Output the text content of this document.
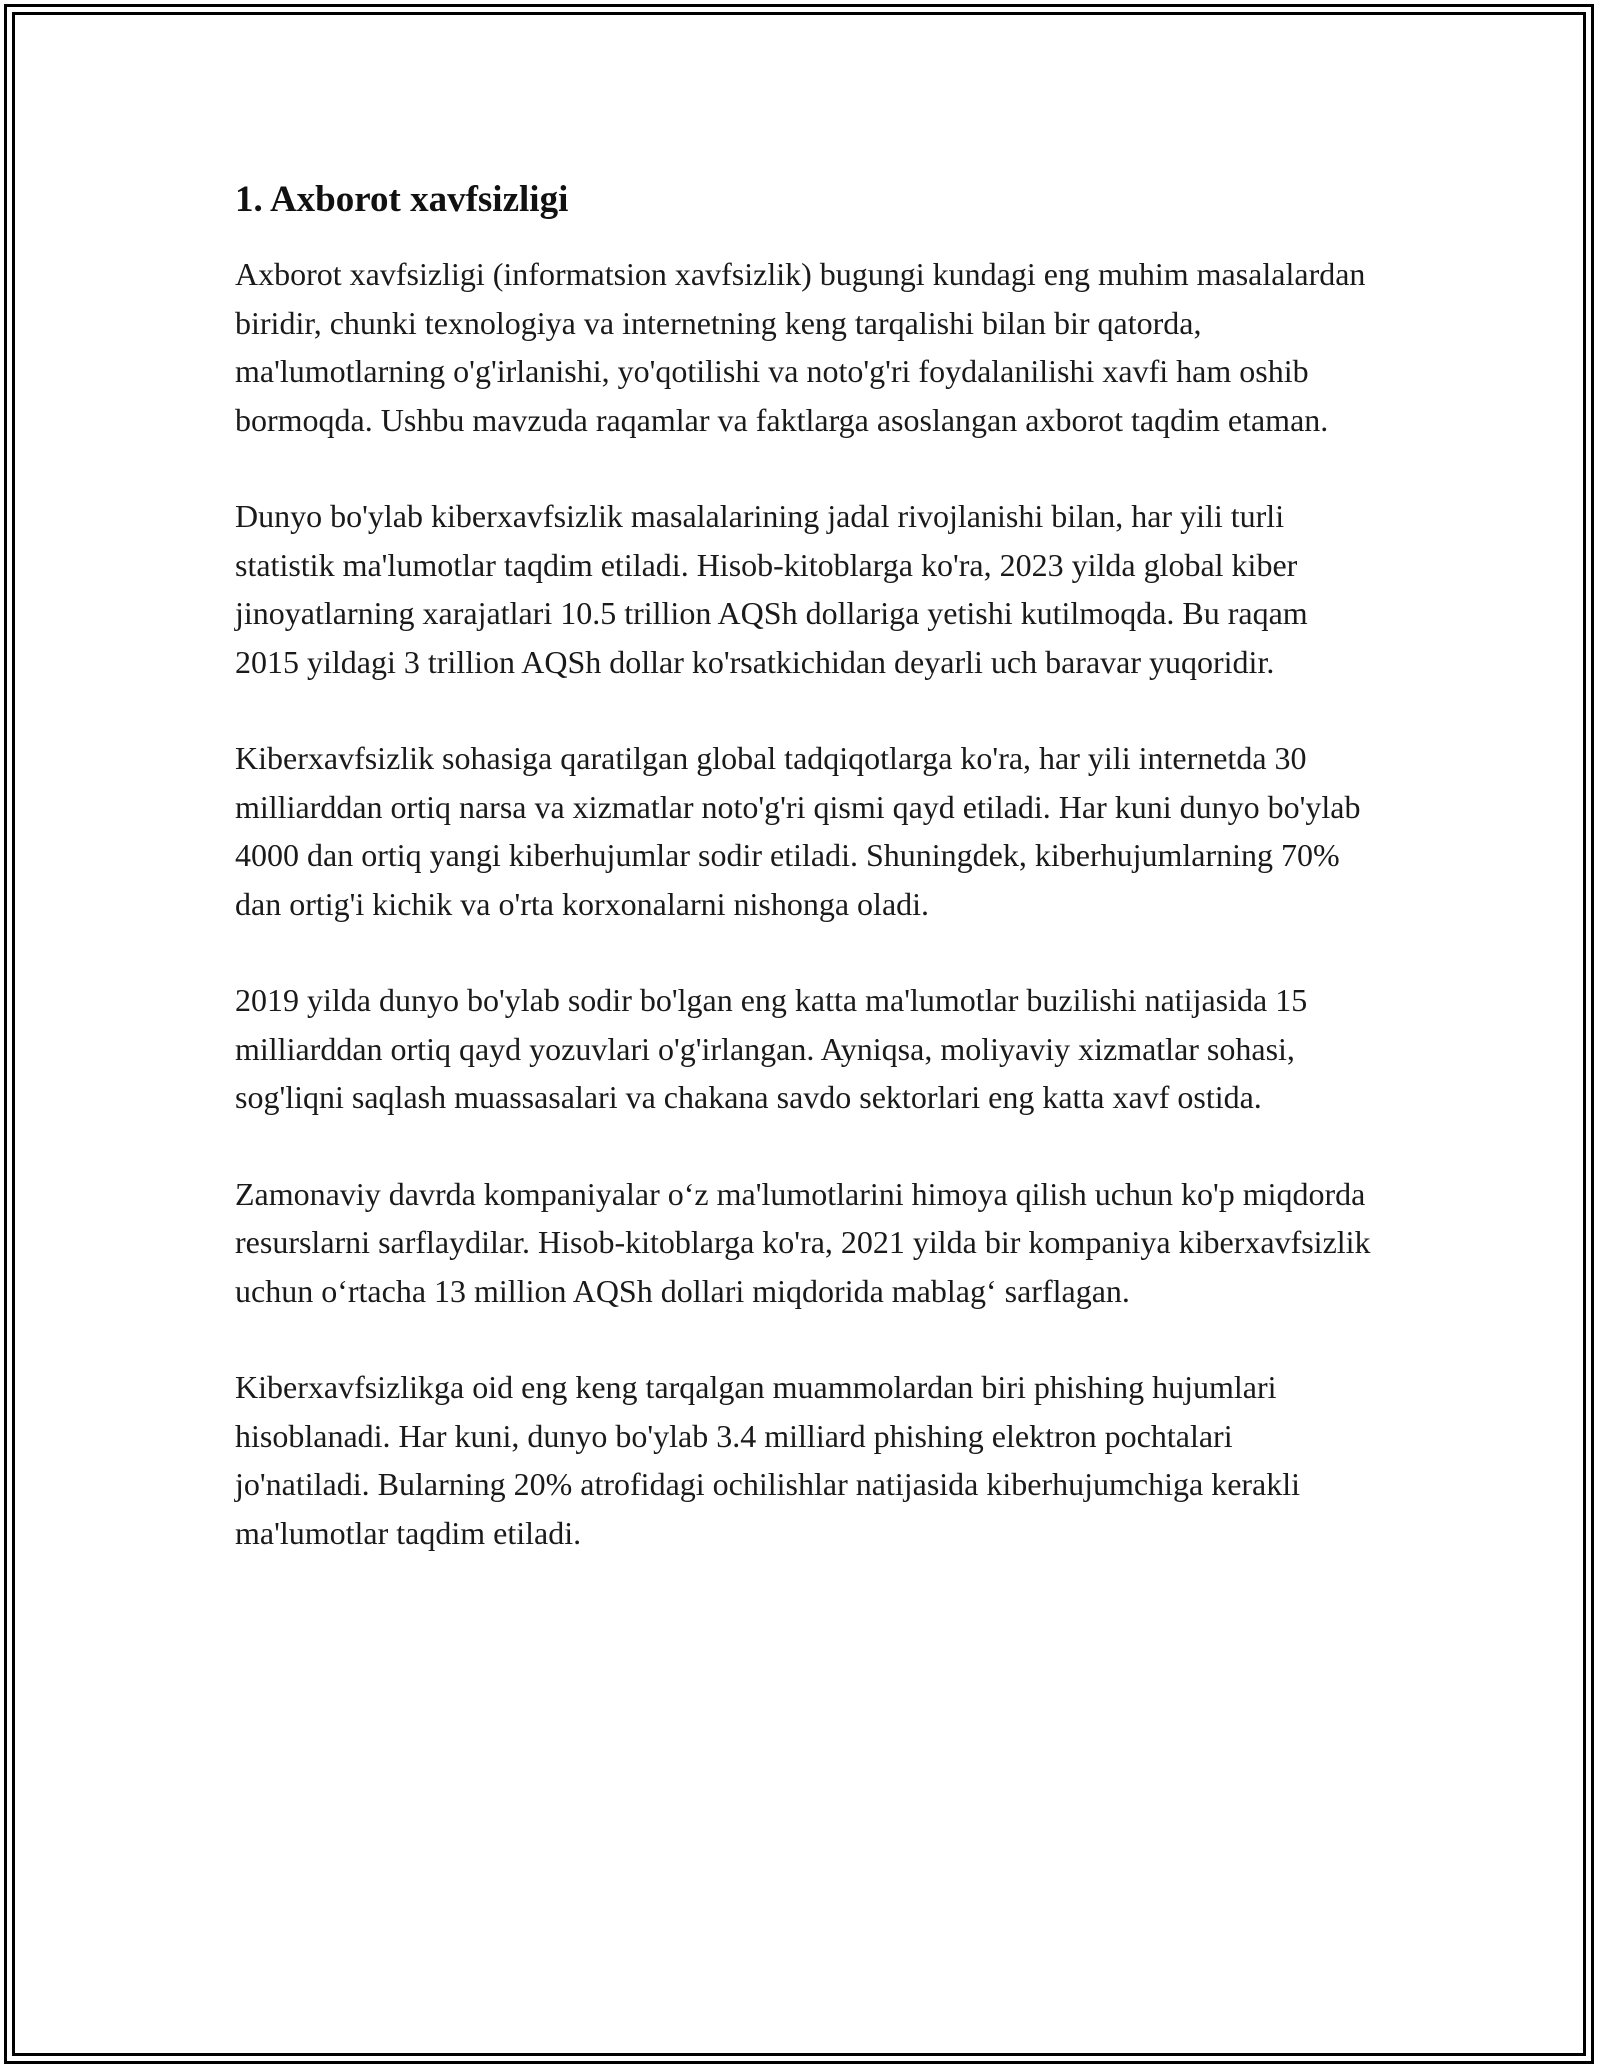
1. Axborot xavfsizligi

Axborot xavfsizligi (informatsion xavfsizlik) bugungi kundagi eng muhim masalalardan biridir, chunki texnologiya va internetning keng tarqalishi bilan bir qatorda, ma'lumotlarning o'g'irlanishi, yo'qotilishi va noto'g'ri foydalanilishi xavfi ham oshib bormoqda. Ushbu mavzuda raqamlar va faktlarga asoslangan axborot taqdim etaman.

Dunyo bo'ylab kiberxavfsizlik masalalarining jadal rivojlanishi bilan, har yili turli statistik ma'lumotlar taqdim etiladi. Hisob-kitoblarga ko'ra, 2023 yilda global kiber jinoyatlarning xarajatlari 10.5 trillion AQSh dollariga yetishi kutilmoqda. Bu raqam 2015 yildagi 3 trillion AQSh dollar ko'rsatkichidan deyarli uch baravar yuqoridir.

Kiberxavfsizlik sohasiga qaratilgan global tadqiqotlarga ko'ra, har yili internetda 30 milliarddan ortiq narsa va xizmatlar noto'g'ri qismi qayd etiladi. Har kuni dunyo bo'ylab 4000 dan ortiq yangi kiberhujumlar sodir etiladi. Shuningdek, kiberhujumlarning 70% dan ortig'i kichik va o'rta korxonalarni nishonga oladi.

2019 yilda dunyo bo'ylab sodir bo'lgan eng katta ma'lumotlar buzilishi natijasida 15 milliarddan ortiq qayd yozuvlari o'g'irlangan. Ayniqsa, moliyaviy xizmatlar sohasi, sog'liqni saqlash muassasalari va chakana savdo sektorlari eng katta xavf ostida.

Zamonaviy davrda kompaniyalar o‘z ma'lumotlarini himoya qilish uchun ko'p miqdorda resurslarni sarflaydilar. Hisob-kitoblarga ko'ra, 2021 yilda bir kompaniya kiberxavfsizlik uchun o‘rtacha 13 million AQSh dollari miqdorida mablag‘ sarflagan.

Kiberxavfsizlikga oid eng keng tarqalgan muammolardan biri phishing hujumlari hisoblanadi. Har kuni, dunyo bo'ylab 3.4 milliard phishing elektron pochtalari jo'natiladi. Bularning 20% atrofidagi ochilishlar natijasida kiberhujumchiga kerakli ma'lumotlar taqdim etiladi.
